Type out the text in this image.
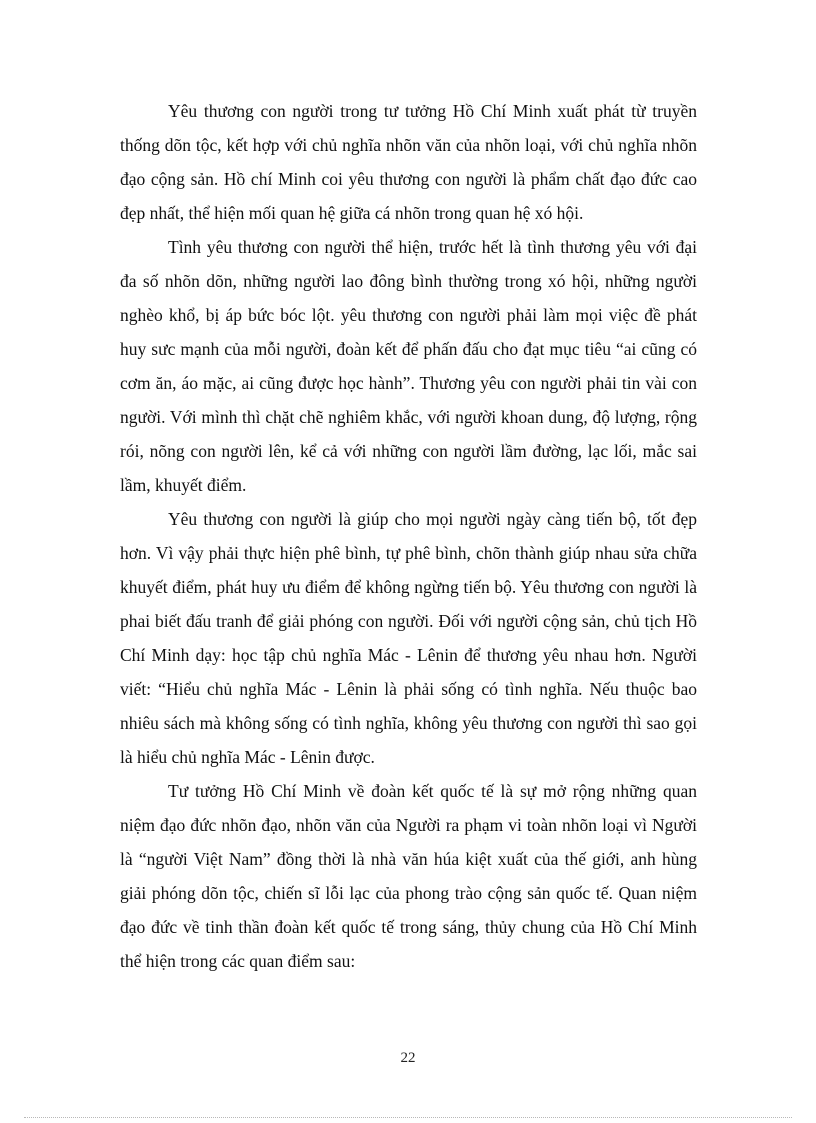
Yêu thương con người trong tư tưởng Hồ Chí Minh xuất phát từ truyền thống dõn tộc, kết hợp với chủ nghĩa nhõn văn của nhõn loại, với chủ nghĩa nhõn đạo cộng sản. Hồ chí Minh coi yêu thương con người là phẩm chất đạo đức cao đẹp nhất, thể hiện mối quan hệ giữa cá nhõn trong quan hệ xó hội.

Tình yêu thương con người thể hiện, trước hết là tình thương yêu với đại đa số nhõn dõn, những người lao đông bình thường trong xó hội, những người nghèo khổ, bị áp bức bóc lột. yêu thương con người phải làm mọi việc đề phát huy sưc mạnh của mỗi người, đoàn kết để phấn đấu cho đạt mục tiêu “ai cũng có cơm ăn, áo mặc, ai cũng được học hành”. Thương yêu con người phải tin vài con người. Với mình thì chặt chẽ nghiêm khắc, với người khoan dung, độ lượng, rộng rói, nõng con người lên, kể cả với những con người lầm đường, lạc lối, mắc sai lầm, khuyết điểm.

Yêu thương con người là giúp cho mọi người ngày càng tiến bộ, tốt đẹp hơn. Vì vậy phải thực hiện phê bình, tự phê bình, chõn thành giúp nhau sửa chữa khuyết điểm, phát huy ưu điểm để không ngừng tiến bộ. Yêu thương con người là phai biết đấu tranh để giải phóng con người. Đối với người cộng sản, chủ tịch Hồ Chí Minh dạy: học tập chủ nghĩa Mác - Lênin để thương yêu nhau hơn. Người viết: “Hiểu chủ nghĩa Mác - Lênin là phải sống có tình nghĩa. Nếu thuộc bao nhiêu sách mà không sống có tình nghĩa, không yêu thương con người thì sao gọi là hiểu chủ nghĩa Mác - Lênin được.

Tư tưởng Hồ Chí Minh về đoàn kết quốc tế là sự mở rộng những quan niệm đạo đức nhõn đạo, nhõn văn của Người ra phạm vi toàn nhõn loại vì Người là “người Việt Nam” đồng thời là nhà văn húa kiệt xuất của thế giới, anh hùng giải phóng dõn tộc, chiến sĩ lỗi lạc của phong trào cộng sản quốc tế. Quan niệm đạo đức về tinh thần đoàn kết quốc tế trong sáng, thủy chung của Hồ Chí Minh thể hiện trong các quan điểm sau:

22
